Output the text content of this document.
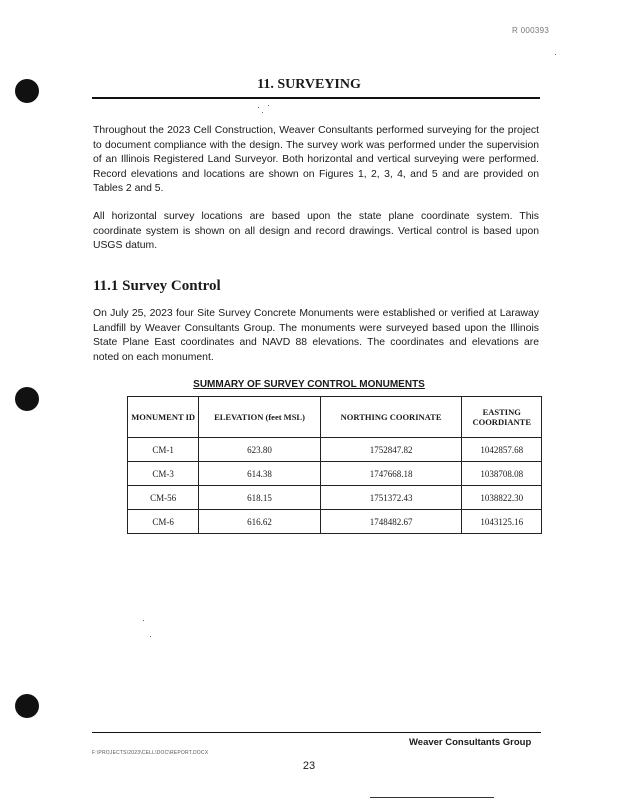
R 000393
11. SURVEYING
Throughout the 2023 Cell Construction, Weaver Consultants performed surveying for the project to document compliance with the design. The survey work was performed under the supervision of an Illinois Registered Land Surveyor. Both horizontal and vertical surveying were performed. Record elevations and locations are shown on Figures 1, 2, 3, 4, and 5 and are provided on Tables 2 and 5.
All horizontal survey locations are based upon the state plane coordinate system. This coordinate system is shown on all design and record drawings. Vertical control is based upon USGS datum.
11.1 Survey Control
On July 25, 2023 four Site Survey Concrete Monuments were established or verified at Laraway Landfill by Weaver Consultants Group. The monuments were surveyed based upon the Illinois State Plane East coordinates and NAVD 88 elevations. The coordinates and elevations are noted on each monument.
SUMMARY OF SURVEY CONTROL MONUMENTS
MONUMENT ID	ELEVATION (feet MSL)	NORTHING COORINATE	EASTING COORDIANTE
CM-1	623.80	1752847.82	1042857.68
CM-3	614.38	1747668.18	1038708.08
CM-56	618.15	1751372.43	1038822.30
CM-6	616.62	1748482.67	1043125.16
Weaver Consultants Group
F:\PROJECTS\2023\CELL\DOC\REPORT.DOCX
23
